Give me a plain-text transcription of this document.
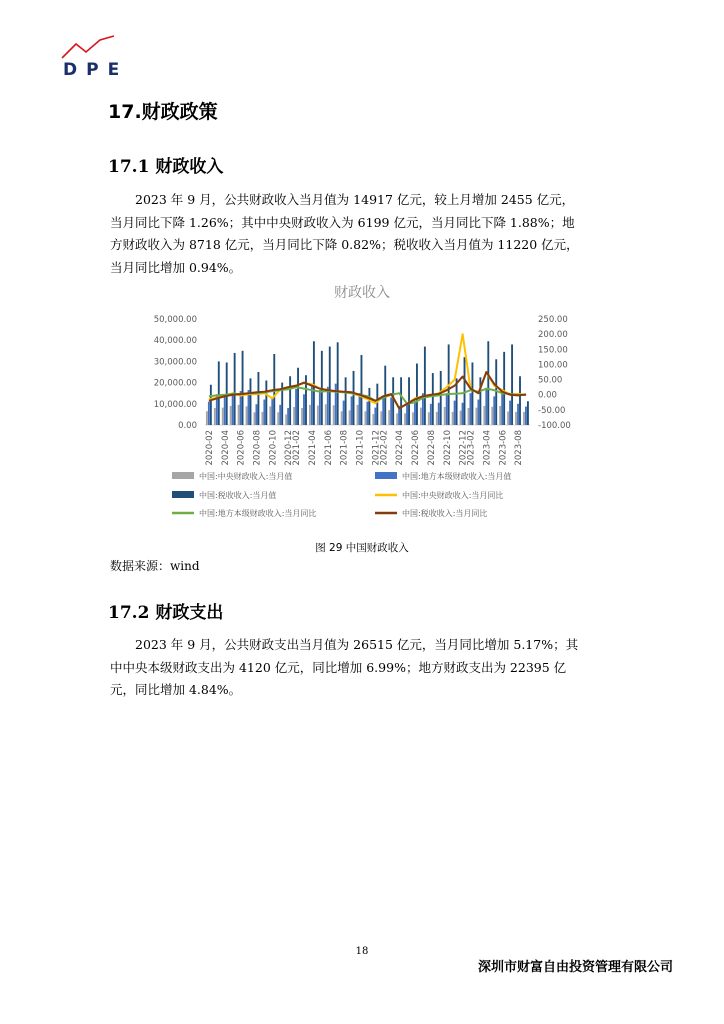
DPE
17.财政政策
17.1 财政收入
2023 年 9 月，公共财政收入当月值为 14917 亿元，较上月增加 2455 亿元，
当月同比下降 1.26%；其中中央财政收入为 6199 亿元，当月同比下降 1.88%；地
方财政收入为 8718 亿元，当月同比下降 0.82%；税收收入当月值为 11220 亿元，
当月同比增加 0.94%。
财政收入
0.00
10,000.00
20,000.00
30,000.00
40,000.00
50,000.00
-100.00
-50.00
0.00
50.00
100.00
150.00
200.00
250.00
2020-02 2020-04 2020-06 2020-08 2020-10 2020-12
2021-02 2021-04 2021-06 2021-08 2021-10 2021-12
2022-02 2022-04 2022-06 2022-08 2022-10 2022-12
2023-02 2023-04 2023-06 2023-08
中国:中央财政收入:当月值	中国:地方本级财政收入:当月值
中国:税收收入:当月值	中国:中央财政收入:当月同比
中国:地方本级财政收入:当月同比	中国:税收收入:当月同比
图 29 中国财政收入
数据来源：wind
17.2 财政支出
2023 年 9 月，公共财政支出当月值为 26515 亿元，当月同比增加 5.17%；其
中中央本级财政支出为 4120 亿元，同比增加 6.99%；地方财政支出为 22395 亿
元，同比增加 4.84%。
18
深圳市财富自由投资管理有限公司
